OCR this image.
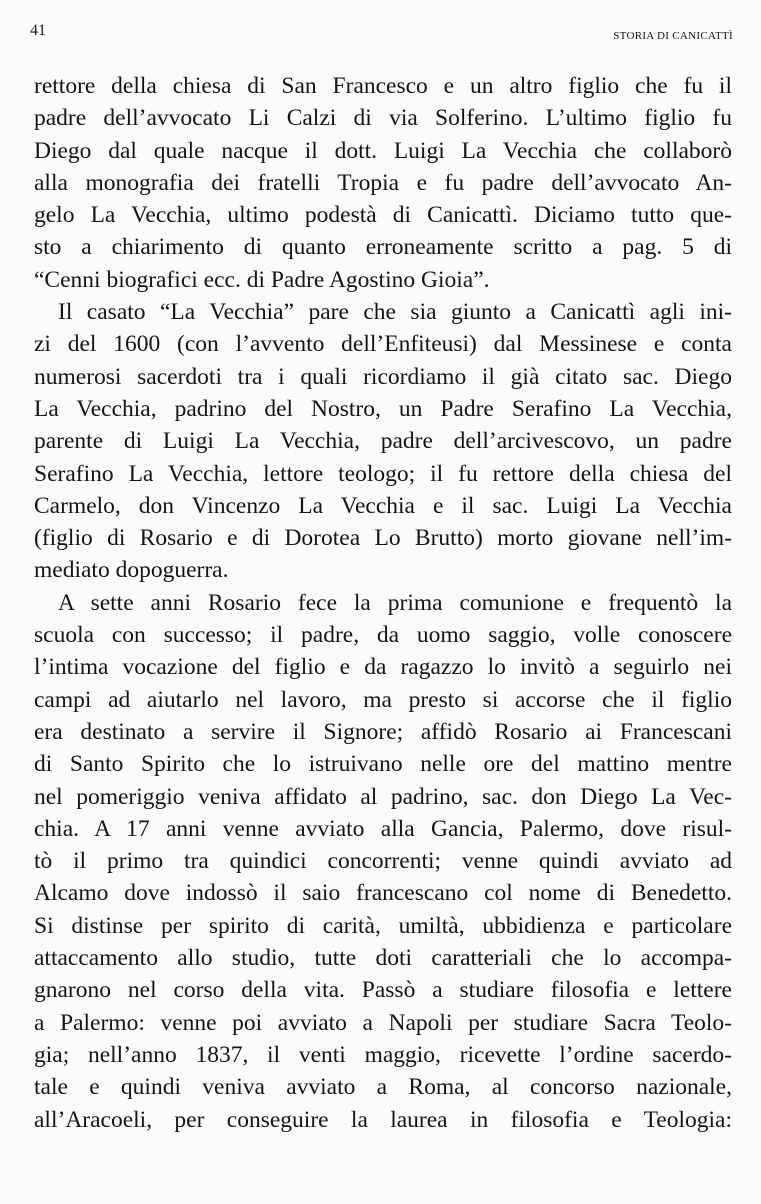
41	STORIA DI CANICATTÌ

rettore della chiesa di San Francesco e un altro figlio che fu il
padre dell’avvocato Li Calzi di via Solferino. L’ultimo figlio fu
Diego dal quale nacque il dott. Luigi La Vecchia che collaborò
alla monografia dei fratelli Tropia e fu padre dell’avvocato An-
gelo La Vecchia, ultimo podestà di Canicattì. Diciamo tutto que-
sto a chiarimento di quanto erroneamente scritto a pag. 5 di
“Cenni biografici ecc. di Padre Agostino Gioia”.

Il casato “La Vecchia” pare che sia giunto a Canicattì agli ini-
zi del 1600 (con l’avvento dell’Enfiteusi) dal Messinese e conta
numerosi sacerdoti tra i quali ricordiamo il già citato sac. Diego
La Vecchia, padrino del Nostro, un Padre Serafino La Vecchia,
parente di Luigi La Vecchia, padre dell’arcivescovo, un padre
Serafino La Vecchia, lettore teologo; il fu rettore della chiesa del
Carmelo, don Vincenzo La Vecchia e il sac. Luigi La Vecchia
(figlio di Rosario e di Dorotea Lo Brutto) morto giovane nell’im-
mediato dopoguerra.

A sette anni Rosario fece la prima comunione e frequentò la
scuola con successo; il padre, da uomo saggio, volle conoscere
l’intima vocazione del figlio e da ragazzo lo invitò a seguirlo nei
campi ad aiutarlo nel lavoro, ma presto si accorse che il figlio
era destinato a servire il Signore; affidò Rosario ai Francescani
di Santo Spirito che lo istruivano nelle ore del mattino mentre
nel pomeriggio veniva affidato al padrino, sac. don Diego La Vec-
chia. A 17 anni venne avviato alla Gancia, Palermo, dove risul-
tò il primo tra quindici concorrenti; venne quindi avviato ad
Alcamo dove indossò il saio francescano col nome di Benedetto.
Si distinse per spirito di carità, umiltà, ubbidienza e particolare
attaccamento allo studio, tutte doti caratteriali che lo accompa-
gnarono nel corso della vita. Passò a studiare filosofia e lettere
a Palermo: venne poi avviato a Napoli per studiare Sacra Teolo-
gia; nell’anno 1837, il venti maggio, ricevette l’ordine sacerdo-
tale e quindi veniva avviato a Roma, al concorso nazionale,
all’Aracoeli, per conseguire la laurea in filosofia e Teologia:
